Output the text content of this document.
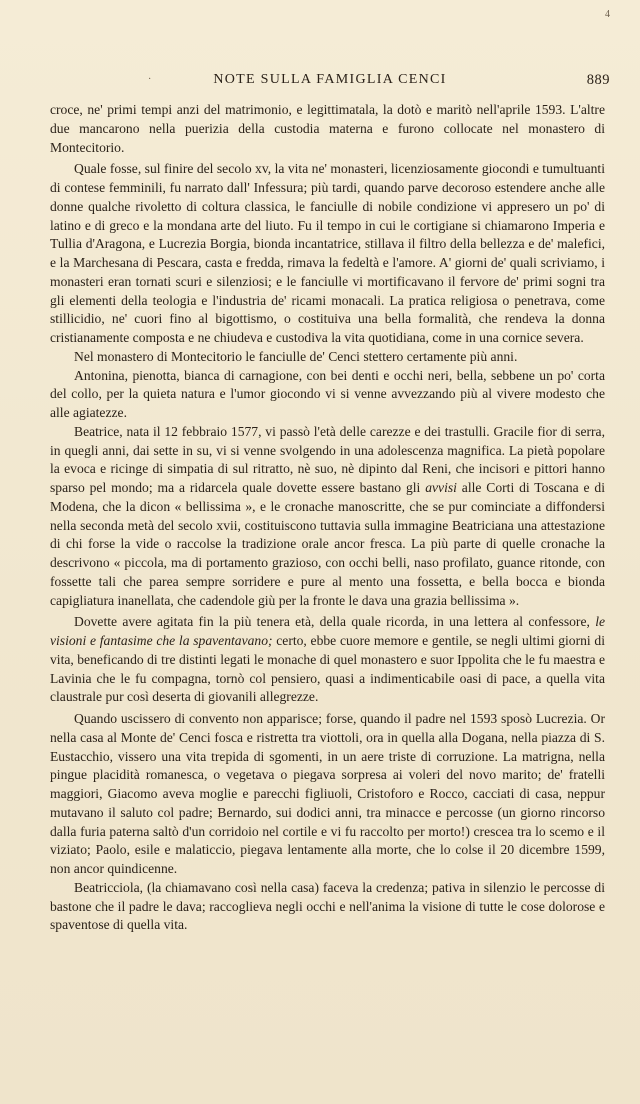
4
·	NOTE SULLA FAMIGLIA CENCI	889

croce, ne' primi tempi anzi del matrimonio, e legittimatala, la dotò e maritò nell'aprile 1593. L'altre due mancarono nella puerizia della custodia materna e furono collocate nel monastero di Montecitorio.

Quale fosse, sul finire del secolo xv, la vita ne' monasteri, licenziosamente giocondi e tumultuanti di contese femminili, fu narrato dall' Infessura; più tardi, quando parve decoroso estendere anche alle donne qualche rivoletto di coltura classica, le fanciulle di nobile condizione vi appresero un po' di latino e di greco e la mondana arte del liuto. Fu il tempo in cui le cortigiane si chiamarono Imperia e Tullia d'Aragona, e Lucrezia Borgia, bionda incantatrice, stillava il filtro della bellezza e de' malefici, e la Marchesana di Pescara, casta e fredda, rimava la fedeltà e l'amore. A' giorni de' quali scriviamo, i monasteri eran tornati scuri e silenziosi; e le fanciulle vi mortificavano il fervore de' primi sogni tra gli elementi della teologia e l'industria de' ricami monacali. La pratica religiosa o penetrava, come stillicidio, ne' cuori fino al bigottismo, o costituiva una bella formalità, che rendeva la donna cristianamente composta e ne chiudeva e custodiva la vita quotidiana, come in una cornice severa.

Nel monastero di Montecitorio le fanciulle de' Cenci stettero certamente più anni.

Antonina, pienotta, bianca di carnagione, con bei denti e occhi neri, bella, sebbene un po' corta del collo, per la quieta natura e l'umor giocondo vi si venne avvezzando più al vivere modesto che alle agiatezze.

Beatrice, nata il 12 febbraio 1577, vi passò l'età delle carezze e dei trastulli. Gracile fior di serra, in quegli anni, dai sette in su, vi si venne svolgendo in una adolescenza magnifica. La pietà popolare la evoca e ricinge di simpatia di sul ritratto, nè suo, nè dipinto dal Reni, che incisori e pittori hanno sparso pel mondo; ma a ridarcela quale dovette essere bastano gli avvisi alle Corti di Toscana e di Modena, che la dicon « bellissima », e le cronache manoscritte, che se pur cominciate a diffondersi nella seconda metà del secolo xvii, costituiscono tuttavia sulla immagine Beatriciana una attestazione di chi forse la vide o raccolse la tradizione orale ancor fresca. La più parte di quelle cronache la descrivono « piccola, ma di portamento grazioso, con occhi belli, naso profilato, guance ritonde, con fossette tali che parea sempre sorridere e pure al mento una fossetta, e bella bocca e bionda capigliatura inanellata, che cadendole giù per la fronte le dava una grazia bellissima ».

Dovette avere agitata fin la più tenera età, della quale ricorda, in una lettera al confessore, le visioni e fantasime che la spaventavano; certo, ebbe cuore memore e gentile, se negli ultimi giorni di vita, beneficando di tre distinti legati le monache di quel monastero e suor Ippolita che le fu maestra e Lavinia che le fu compagna, tornò col pensiero, quasi a indimenticabile oasi di pace, a quella vita claustrale pur così deserta di giovanili allegrezze.

Quando uscissero di convento non apparisce; forse, quando il padre nel 1593 sposò Lucrezia. Or nella casa al Monte de' Cenci fosca e ristretta tra viottoli, ora in quella alla Dogana, nella piazza di S. Eustacchio, vissero una vita trepida di sgomenti, in un aere triste di corruzione. La matrigna, nella pingue placidità romanesca, o vegetava o piegava sorpresa ai voleri del novo marito; de' fratelli maggiori, Giacomo aveva moglie e parecchi figliuoli, Cristoforo e Rocco, cacciati di casa, neppur mutavano il saluto col padre; Bernardo, sui dodici anni, tra minacce e percosse (un giorno rincorso dalla furia paterna saltò d'un corridoio nel cortile e vi fu raccolto per morto!) crescea tra lo scemo e il viziato; Paolo, esile e malaticcio, piegava lentamente alla morte, che lo colse il 20 dicembre 1599, non ancor quindicenne.

Beatricciola, (la chiamavano così nella casa) faceva la credenza; pativa in silenzio le percosse di bastone che il padre le dava; raccoglieva negli occhi e nell'anima la visione di tutte le cose dolorose e spaventose di quella vita.
